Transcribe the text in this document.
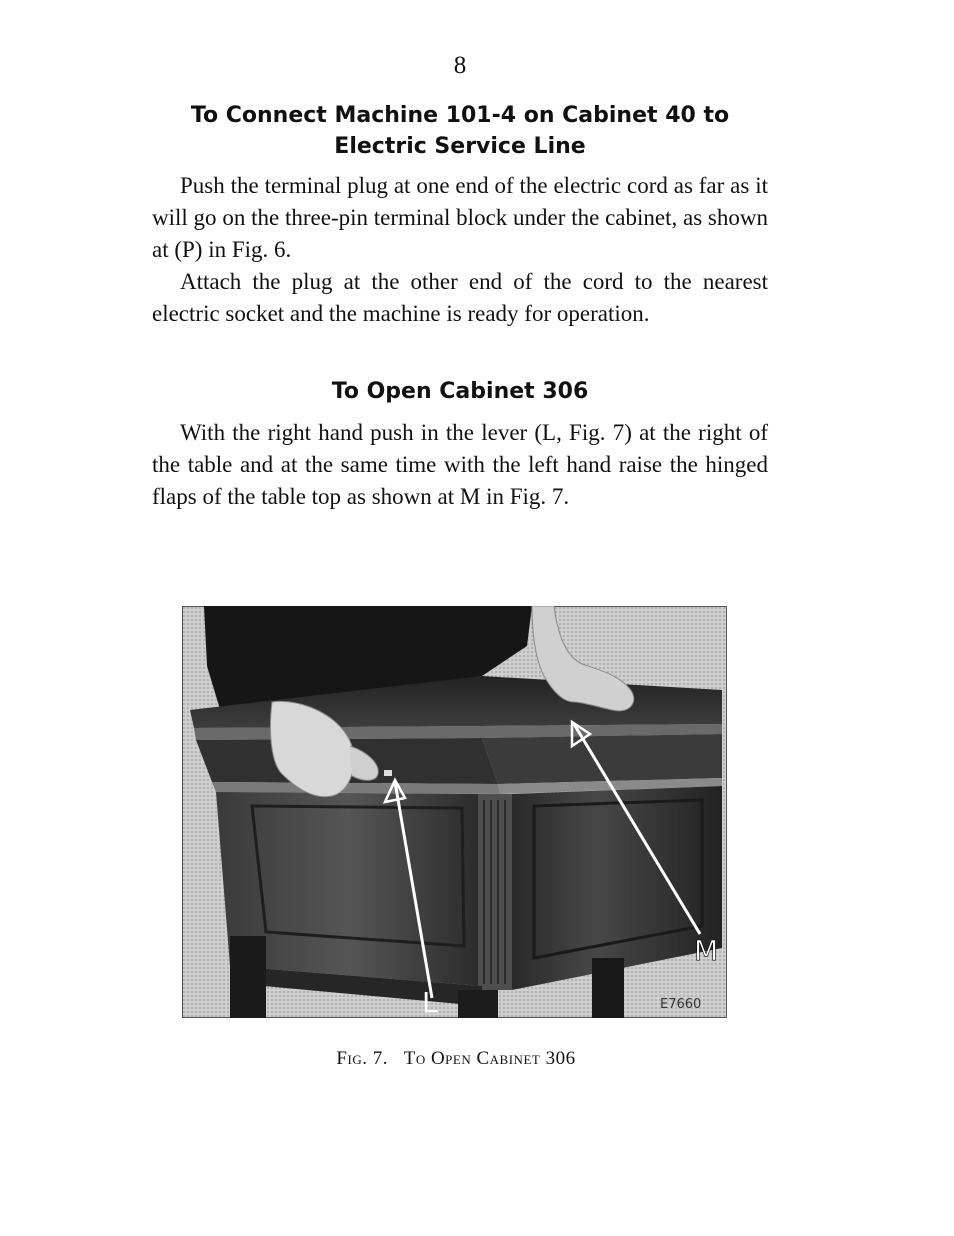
8
To Connect Machine 101-4 on Cabinet 40 to
Electric Service Line

Push the terminal plug at one end of the electric cord as far as it will go on the three-pin terminal block under the cabinet, as shown at (P) in Fig. 6.

Attach the plug at the other end of the cord to the nearest electric socket and the machine is ready for operation.

To Open Cabinet 306

With the right hand push in the lever (L, Fig. 7) at the right of the table and at the same time with the left hand raise the hinged flaps of the table top as shown at M in Fig. 7.

L
M
E7660
Fig. 7. To Open Cabinet 306
